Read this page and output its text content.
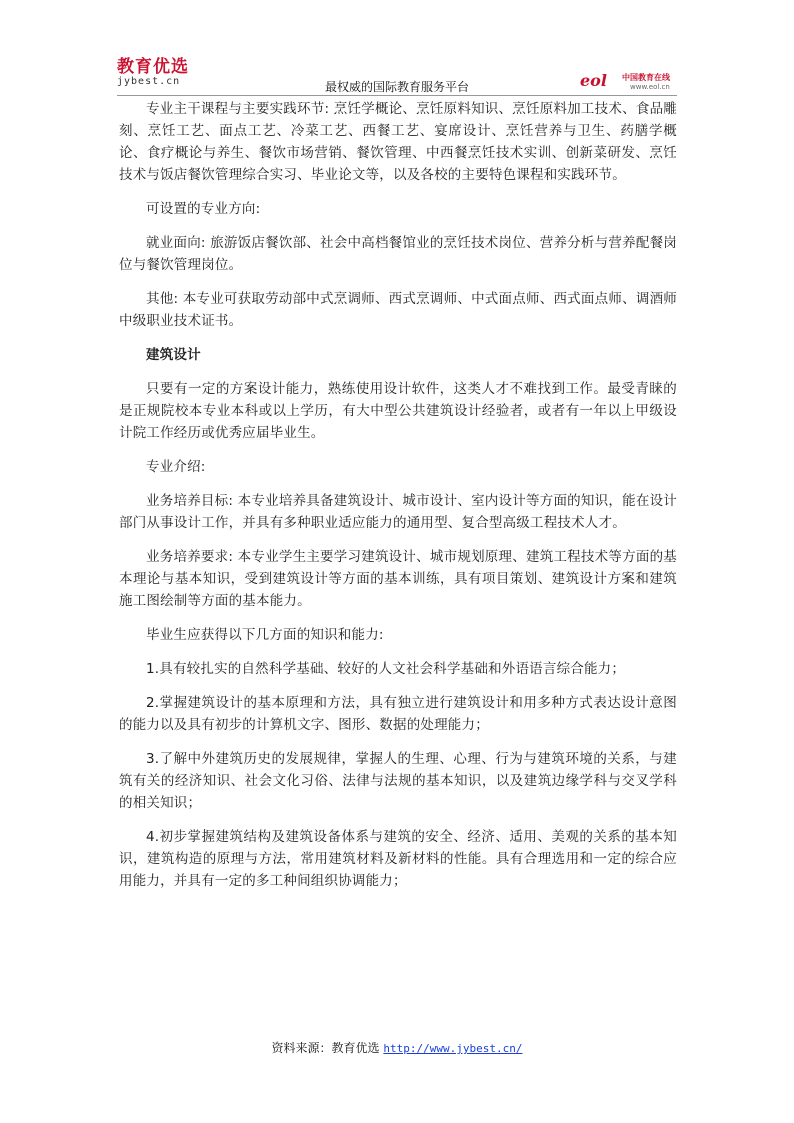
教育优选
jybest.cn	最权威的国际教育服务平台	eol 中国教育在线
www.eol.cn

专业主干课程与主要实践环节: 烹饪学概论、烹饪原料知识、烹饪原料加工技术、食品雕刻、烹饪工艺、面点工艺、冷菜工艺、西餐工艺、宴席设计、烹饪营养与卫生、药膳学概论、食疗概论与养生、餐饮市场营销、餐饮管理、中西餐烹饪技术实训、创新菜研发、烹饪技术与饭店餐饮管理综合实习、毕业论文等，以及各校的主要特色课程和实践环节。

可设置的专业方向:

就业面向: 旅游饭店餐饮部、社会中高档餐馆业的烹饪技术岗位、营养分析与营养配餐岗位与餐饮管理岗位。

其他: 本专业可获取劳动部中式烹调师、西式烹调师、中式面点师、西式面点师、调酒师中级职业技术证书。

建筑设计

只要有一定的方案设计能力，熟练使用设计软件，这类人才不难找到工作。最受青睐的是正规院校本专业本科或以上学历，有大中型公共建筑设计经验者，或者有一年以上甲级设计院工作经历或优秀应届毕业生。

专业介绍:

业务培养目标: 本专业培养具备建筑设计、城市设计、室内设计等方面的知识，能在设计部门从事设计工作，并具有多种职业适应能力的通用型、复合型高级工程技术人才。

业务培养要求: 本专业学生主要学习建筑设计、城市规划原理、建筑工程技术等方面的基本理论与基本知识，受到建筑设计等方面的基本训练，具有项目策划、建筑设计方案和建筑施工图绘制等方面的基本能力。

毕业生应获得以下几方面的知识和能力:

1.具有较扎实的自然科学基础、较好的人文社会科学基础和外语语言综合能力；

2.掌握建筑设计的基本原理和方法，具有独立进行建筑设计和用多种方式表达设计意图的能力以及具有初步的计算机文字、图形、数据的处理能力；

3.了解中外建筑历史的发展规律，掌握人的生理、心理、行为与建筑环境的关系，与建筑有关的经济知识、社会文化习俗、法律与法规的基本知识，以及建筑边缘学科与交叉学科的相关知识；

4.初步掌握建筑结构及建筑设备体系与建筑的安全、经济、适用、美观的关系的基本知识，建筑构造的原理与方法，常用建筑材料及新材料的性能。具有合理选用和一定的综合应用能力，并具有一定的多工种间组织协调能力；

资料来源：教育优选 http://www.jybest.cn/
